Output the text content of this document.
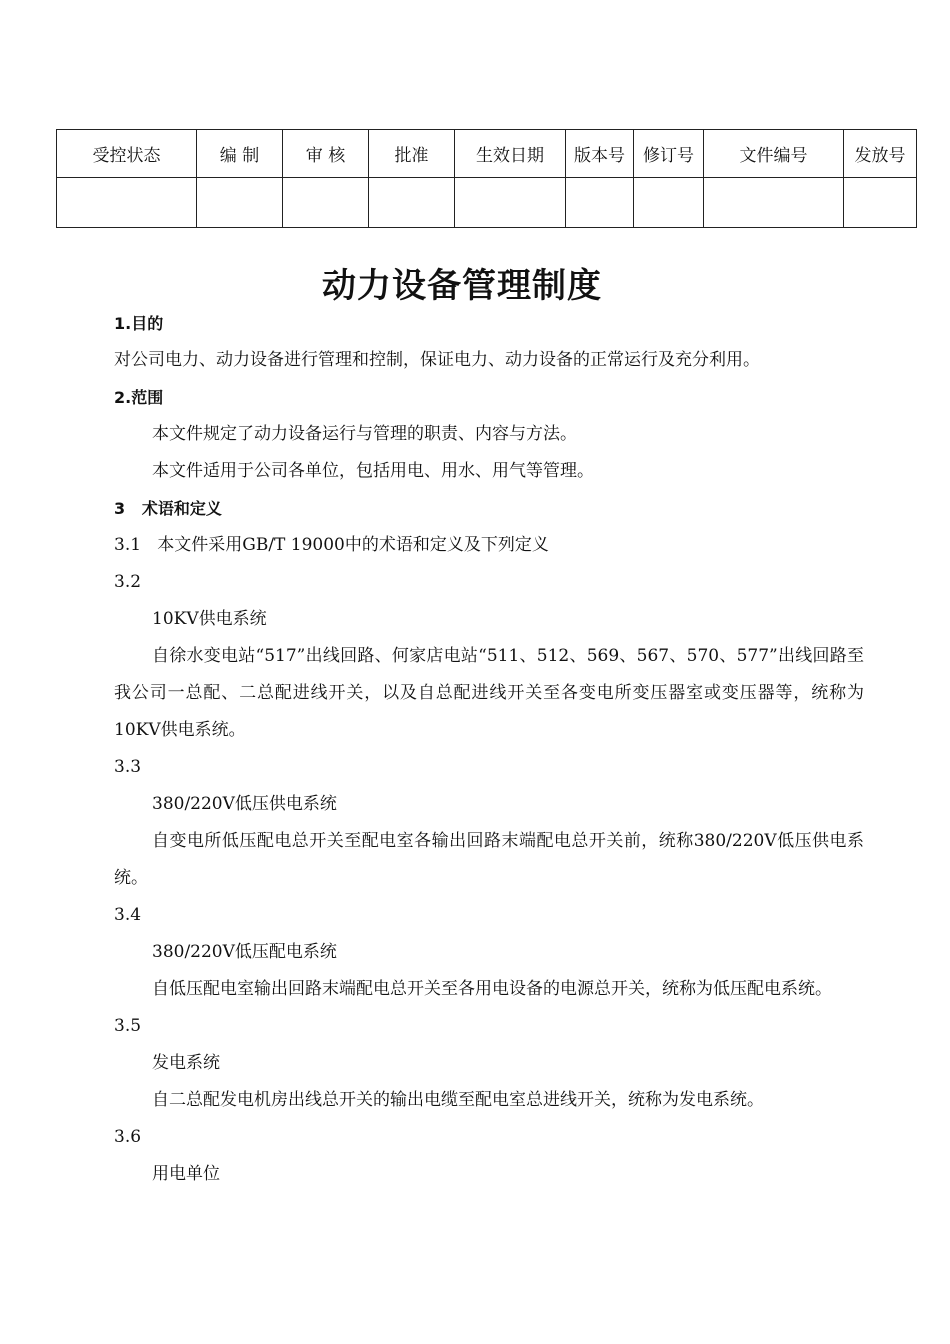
受控状态	编 制	审 核	批准	生效日期	版本号	修订号	文件编号	发放号

动力设备管理制度
1.目的
对公司电力、动力设备进行管理和控制，保证电力、动力设备的正常运行及充分利用。
2.范围
本文件规定了动力设备运行与管理的职责、内容与方法。
本文件适用于公司各单位，包括用电、用水、用气等管理。
3   术语和定义
3.1   本文件采用GB/T 19000中的术语和定义及下列定义
3.2
10KV供电系统
自徐水变电站“517”出线回路、何家店电站“511、512、569、567、570、577”出线回路至我公司一总配、二总配进线开关，以及自总配进线开关至各变电所变压器室或变压器等，统称为10KV供电系统。
3.3
380/220V低压供电系统
自变电所低压配电总开关至配电室各输出回路末端配电总开关前，统称380/220V低压供电系统。
3.4
380/220V低压配电系统
自低压配电室输出回路末端配电总开关至各用电设备的电源总开关，统称为低压配电系统。
3.5
发电系统
自二总配发电机房出线总开关的输出电缆至配电室总进线开关，统称为发电系统。
3.6
用电单位
